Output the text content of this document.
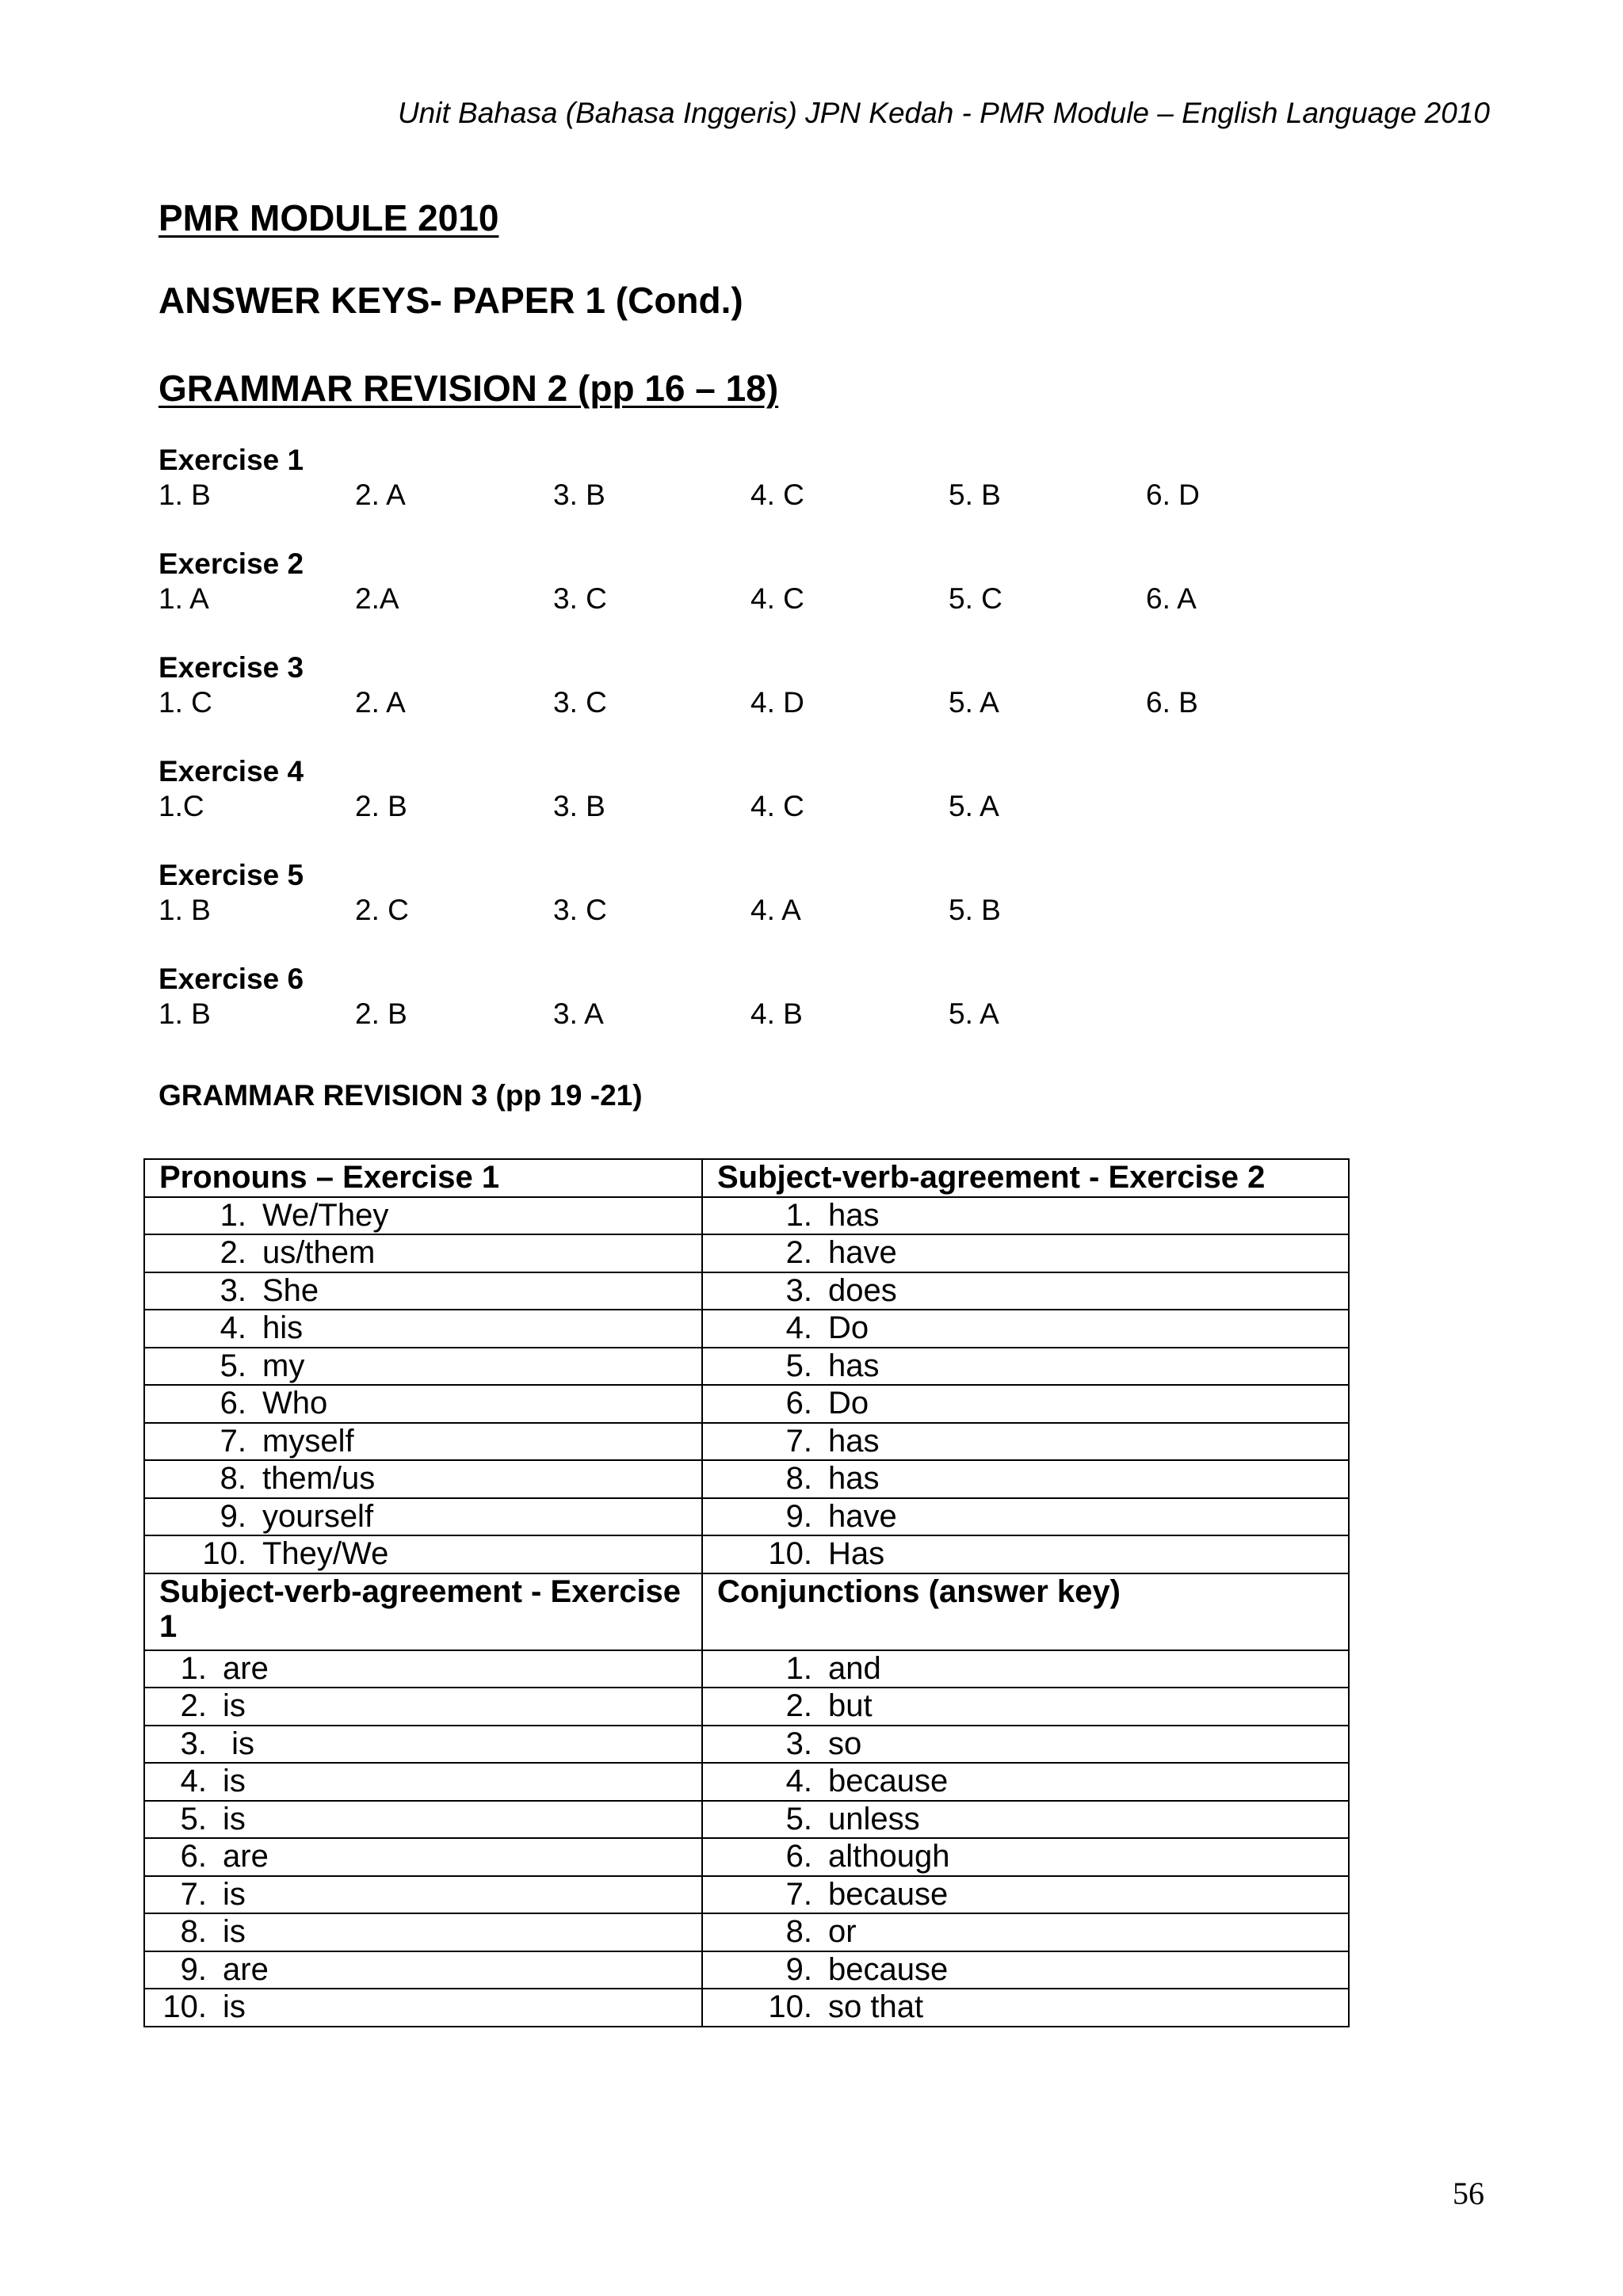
Unit Bahasa (Bahasa Inggeris) JPN Kedah - PMR Module – English Language 2010
PMR MODULE 2010
ANSWER KEYS- PAPER 1 (Cond.)
GRAMMAR REVISION 2 (pp 16 – 18)
Exercise 1
1. B	2. A	3. B	4. C	5. B	6. D
Exercise 2
1. A	2.A	3. C	4. C	5. C	6. A
Exercise 3
1. C	2. A	3. C	4. D	5. A	6. B
Exercise 4
1.C	2. B	3. B	4. C	5. A
Exercise 5
1. B	2. C	3. C	4. A	5. B
Exercise 6
1. B	2. B	3. A	4. B	5. A
GRAMMAR REVISION 3 (pp 19 -21)
Pronouns – Exercise 1	Subject-verb-agreement - Exercise 2
1. We/They	1. has
2. us/them	2. have
3. She	3. does
4. his	4. Do
5. my	5. has
6. Who	6. Do
7. myself	7. has
8. them/us	8. has
9. yourself	9. have
10. They/We	10. Has
Subject-verb-agreement - Exercise 1	Conjunctions (answer key)
1. are	1. and
2. is	2. but
3. is	3. so
4. is	4. because
5. is	5. unless
6. are	6. although
7. is	7. because
8. is	8. or
9. are	9. because
10. is	10. so that
56
